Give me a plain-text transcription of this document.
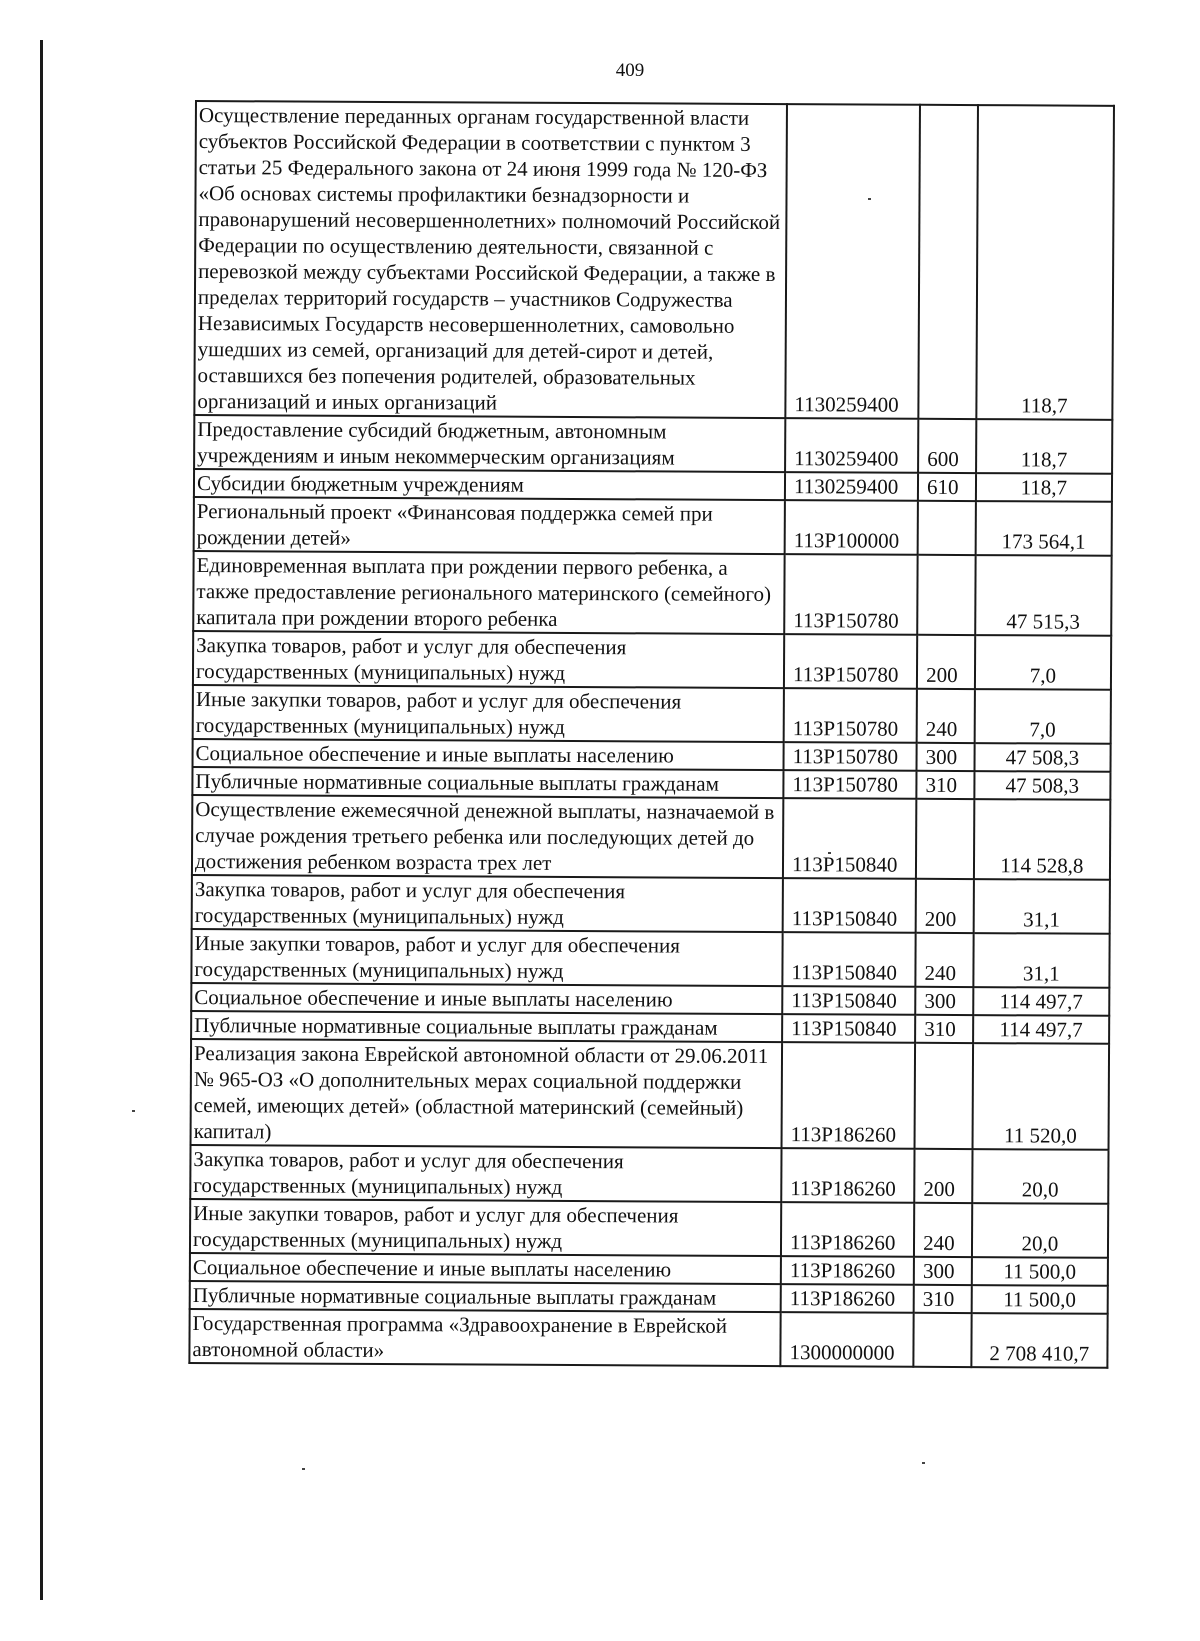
409
Осуществление переданных органам государственной власти субъектов Российской Федерации в соответствии с пунктом 3 статьи 25 Федерального закона от 24 июня 1999 года № 120-ФЗ «Об основах системы профилактики безнадзорности и правонарушений несовершеннолетних» полномочий Российской Федерации по осуществлению деятельности, связанной с перевозкой между субъектами Российской Федерации, а также в пределах территорий государств – участников Содружества Независимых Государств несовершеннолетних, самовольно ушедших из семей, организаций для детей-сирот и детей, оставшихся без попечения родителей, образовательных организаций и иных организаций	1130259400		118,7
Предоставление субсидий бюджетным, автономным учреждениям и иным некоммерческим организациям	1130259400	600	118,7
Субсидии бюджетным учреждениям	1130259400	610	118,7
Региональный проект «Финансовая поддержка семей при рождении детей»	113P100000		173 564,1
Единовременная выплата при рождении первого ребенка, а также предоставление регионального материнского (семейного) капитала при рождении второго ребенка	113P150780		47 515,3
Закупка товаров, работ и услуг для обеспечения государственных (муниципальных) нужд	113P150780	200	7,0
Иные закупки товаров, работ и услуг для обеспечения государственных (муниципальных) нужд	113P150780	240	7,0
Социальное обеспечение и иные выплаты населению	113P150780	300	47 508,3
Публичные нормативные социальные выплаты гражданам	113P150780	310	47 508,3
Осуществление ежемесячной денежной выплаты, назначаемой в случае рождения третьего ребенка или последующих детей до достижения ребенком возраста трех лет	113P150840		114 528,8
Закупка товаров, работ и услуг для обеспечения государственных (муниципальных) нужд	113P150840	200	31,1
Иные закупки товаров, работ и услуг для обеспечения государственных (муниципальных) нужд	113P150840	240	31,1
Социальное обеспечение и иные выплаты населению	113P150840	300	114 497,7
Публичные нормативные социальные выплаты гражданам	113P150840	310	114 497,7
Реализация закона Еврейской автономной области от 29.06.2011 № 965-ОЗ «О дополнительных мерах социальной поддержки семей, имеющих детей» (областной материнский (семейный) капитал)	113P186260		11 520,0
Закупка товаров, работ и услуг для обеспечения государственных (муниципальных) нужд	113P186260	200	20,0
Иные закупки товаров, работ и услуг для обеспечения государственных (муниципальных) нужд	113P186260	240	20,0
Социальное обеспечение и иные выплаты населению	113P186260	300	11 500,0
Публичные нормативные социальные выплаты гражданам	113P186260	310	11 500,0
Государственная программа «Здравоохранение в Еврейской автономной области»	1300000000		2 708 410,7
